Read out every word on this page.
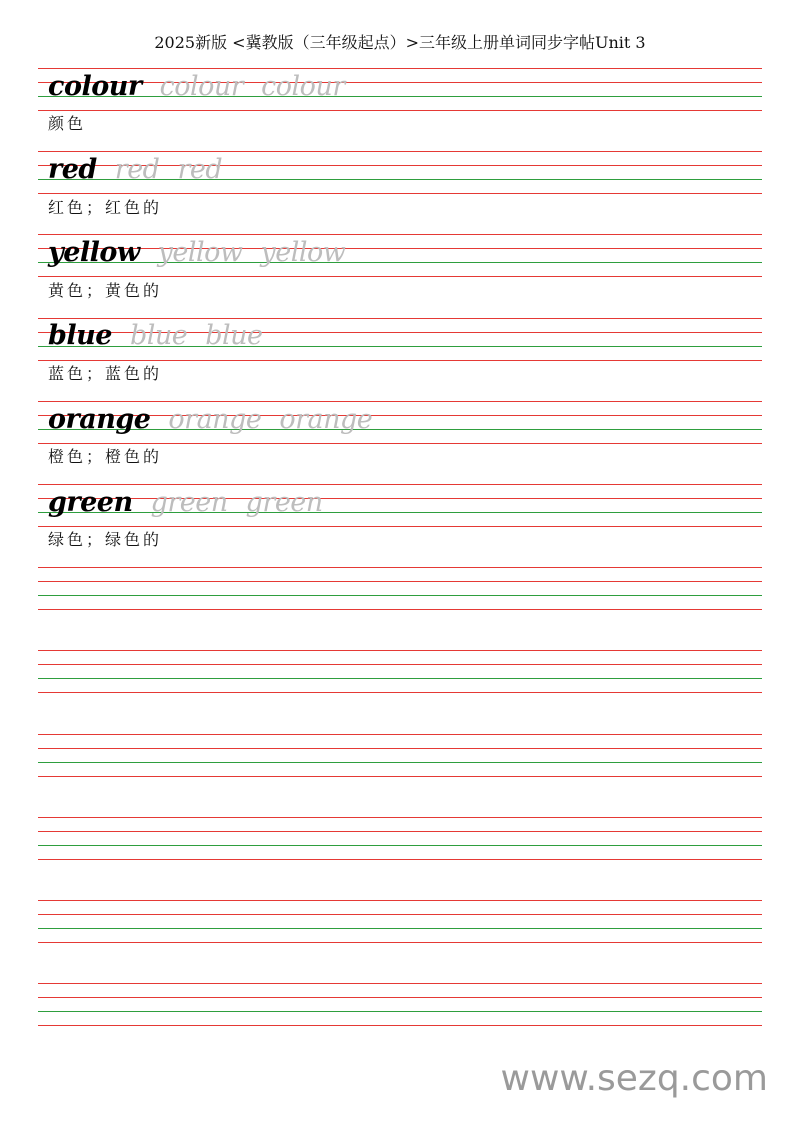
2025新版 <冀教版（三年级起点）>三年级上册单词同步字帖Unit 3
colour colour colour
颜色
red red red
红色；红色的
yellow yellow yellow
黄色；黄色的
blue blue blue
蓝色；蓝色的
orange orange orange
橙色；橙色的
green green green
绿色；绿色的
www.sezq.com
